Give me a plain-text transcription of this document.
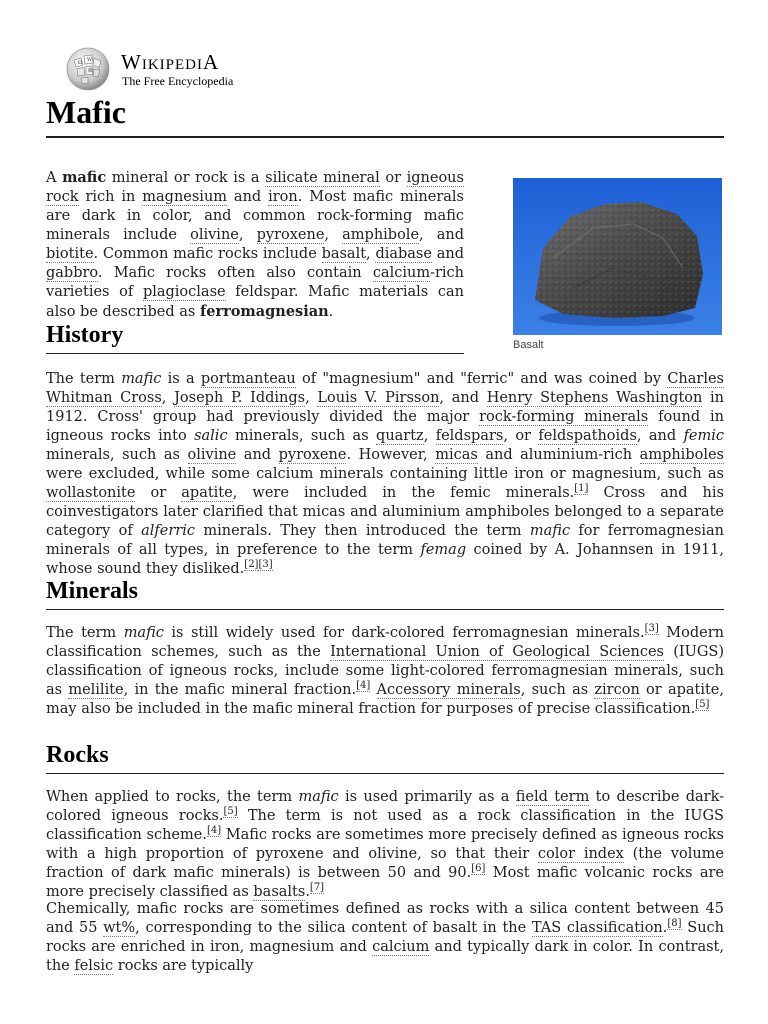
Ω W
維 WikipediA
The Free Encyclopedia
Mafic

A mafic mineral or rock is a silicate mineral or igneous rock rich in magnesium and iron. Most mafic minerals are dark in color, and common rock-forming mafic minerals include olivine, pyroxene, amphibole, and biotite. Common mafic rocks include basalt, diabase and gabbro. Mafic rocks often also contain calcium-rich varieties of plagioclase feldspar. Mafic materials can also be described as ferromagnesian.

Basalt
History

The term mafic is a portmanteau of "magnesium" and "ferric" and was coined by Charles Whitman Cross, Joseph P. Iddings, Louis V. Pirsson, and Henry Stephens Washington in 1912. Cross' group had previously divided the major rock-forming minerals found in igneous rocks into salic minerals, such as quartz, feldspars, or feldspathoids, and femic minerals, such as olivine and pyroxene. However, micas and aluminium-rich amphiboles were excluded, while some calcium minerals containing little iron or magnesium, such as wollastonite or apatite, were included in the femic minerals.[1] Cross and his coinvestigators later clarified that micas and aluminium amphiboles belonged to a separate category of alferric minerals. They then introduced the term mafic for ferromagnesian minerals of all types, in preference to the term femag coined by A. Johannsen in 1911, whose sound they disliked.[2][3]

Minerals

The term mafic is still widely used for dark-colored ferromagnesian minerals.[3] Modern classification schemes, such as the International Union of Geological Sciences (IUGS) classification of igneous rocks, include some light-colored ferromagnesian minerals, such as melilite, in the mafic mineral fraction.[4] Accessory minerals, such as zircon or apatite, may also be included in the mafic mineral fraction for purposes of precise classification.[5]

Rocks

When applied to rocks, the term mafic is used primarily as a field term to describe dark-colored igneous rocks.[5] The term is not used as a rock classification in the IUGS classification scheme.[4] Mafic rocks are sometimes more precisely defined as igneous rocks with a high proportion of pyroxene and olivine, so that their color index (the volume fraction of dark mafic minerals) is between 50 and 90.[6] Most mafic volcanic rocks are more precisely classified as basalts.[7]

Chemically, mafic rocks are sometimes defined as rocks with a silica content between 45 and 55 wt%, corresponding to the silica content of basalt in the TAS classification.[8] Such rocks are enriched in iron, magnesium and calcium and typically dark in color. In contrast, the felsic rocks are typically
